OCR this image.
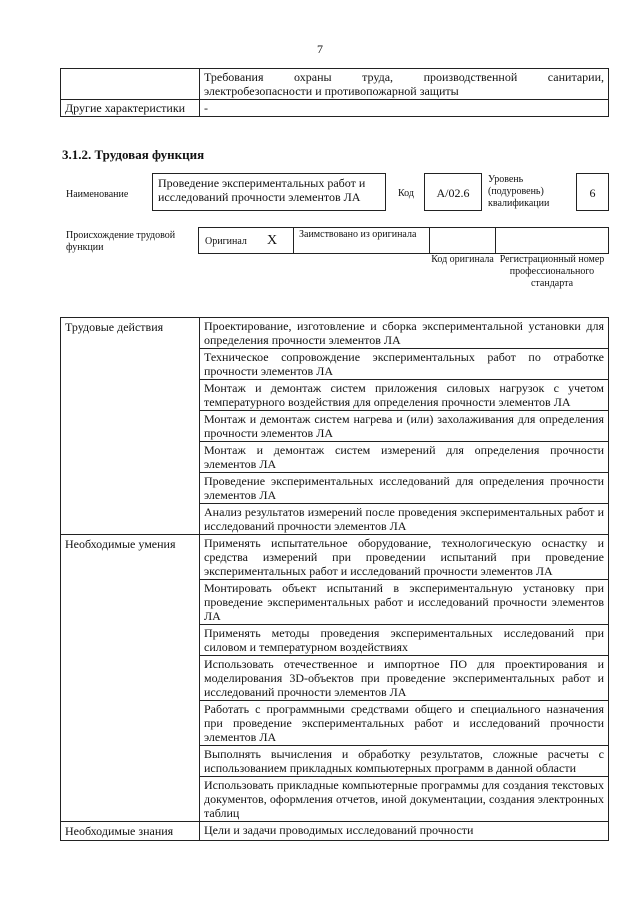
7
	Требования охраны труда, производственной санитарии, электробезопасности и противопожарной защиты
Другие характеристики	-
3.1.2. Трудовая функция
Наименование
Проведение экспериментальных работ и исследований прочности элементов ЛА	Код	A/02.6
Уровень (подуровень) квалификации
6
Происхождение трудовой функции
Оригинал X	Заимствовано из оригинала
Код оригинала Регистрационный номер профессионального стандарта
Трудовые действия	Проектирование, изготовление и сборка экспериментальной установки для определения прочности элементов ЛА
	Техническое сопровождение экспериментальных работ по отработке прочности элементов ЛА
	Монтаж и демонтаж систем приложения силовых нагрузок с учетом температурного воздействия для определения прочности элементов ЛА
	Монтаж и демонтаж систем нагрева и (или) захолаживания для определения прочности элементов ЛА
	Монтаж и демонтаж систем измерений для определения прочности элементов ЛА
	Проведение экспериментальных исследований для определения прочности элементов ЛА
	Анализ результатов измерений после проведения экспериментальных работ и исследований прочности элементов ЛА
Необходимые умения	Применять испытательное оборудование, технологическую оснастку и средства измерений при проведении испытаний при проведение экспериментальных работ и исследований прочности элементов ЛА
	Монтировать объект испытаний в экспериментальную установку при проведение экспериментальных работ и исследований прочности элементов ЛА
	Применять методы проведения экспериментальных исследований при силовом и температурном воздействиях
	Использовать отечественное и импортное ПО для проектирования и моделирования 3D-объектов при проведение экспериментальных работ и исследований прочности элементов ЛА
	Работать с программными средствами общего и специального назначения при проведение экспериментальных работ и исследований прочности элементов ЛА
	Выполнять вычисления и обработку результатов, сложные расчеты с использованием прикладных компьютерных программ в данной области
	Использовать прикладные компьютерные программы для создания текстовых документов, оформления отчетов, иной документации, создания электронных таблиц
Необходимые знания	Цели и задачи проводимых исследований прочности
